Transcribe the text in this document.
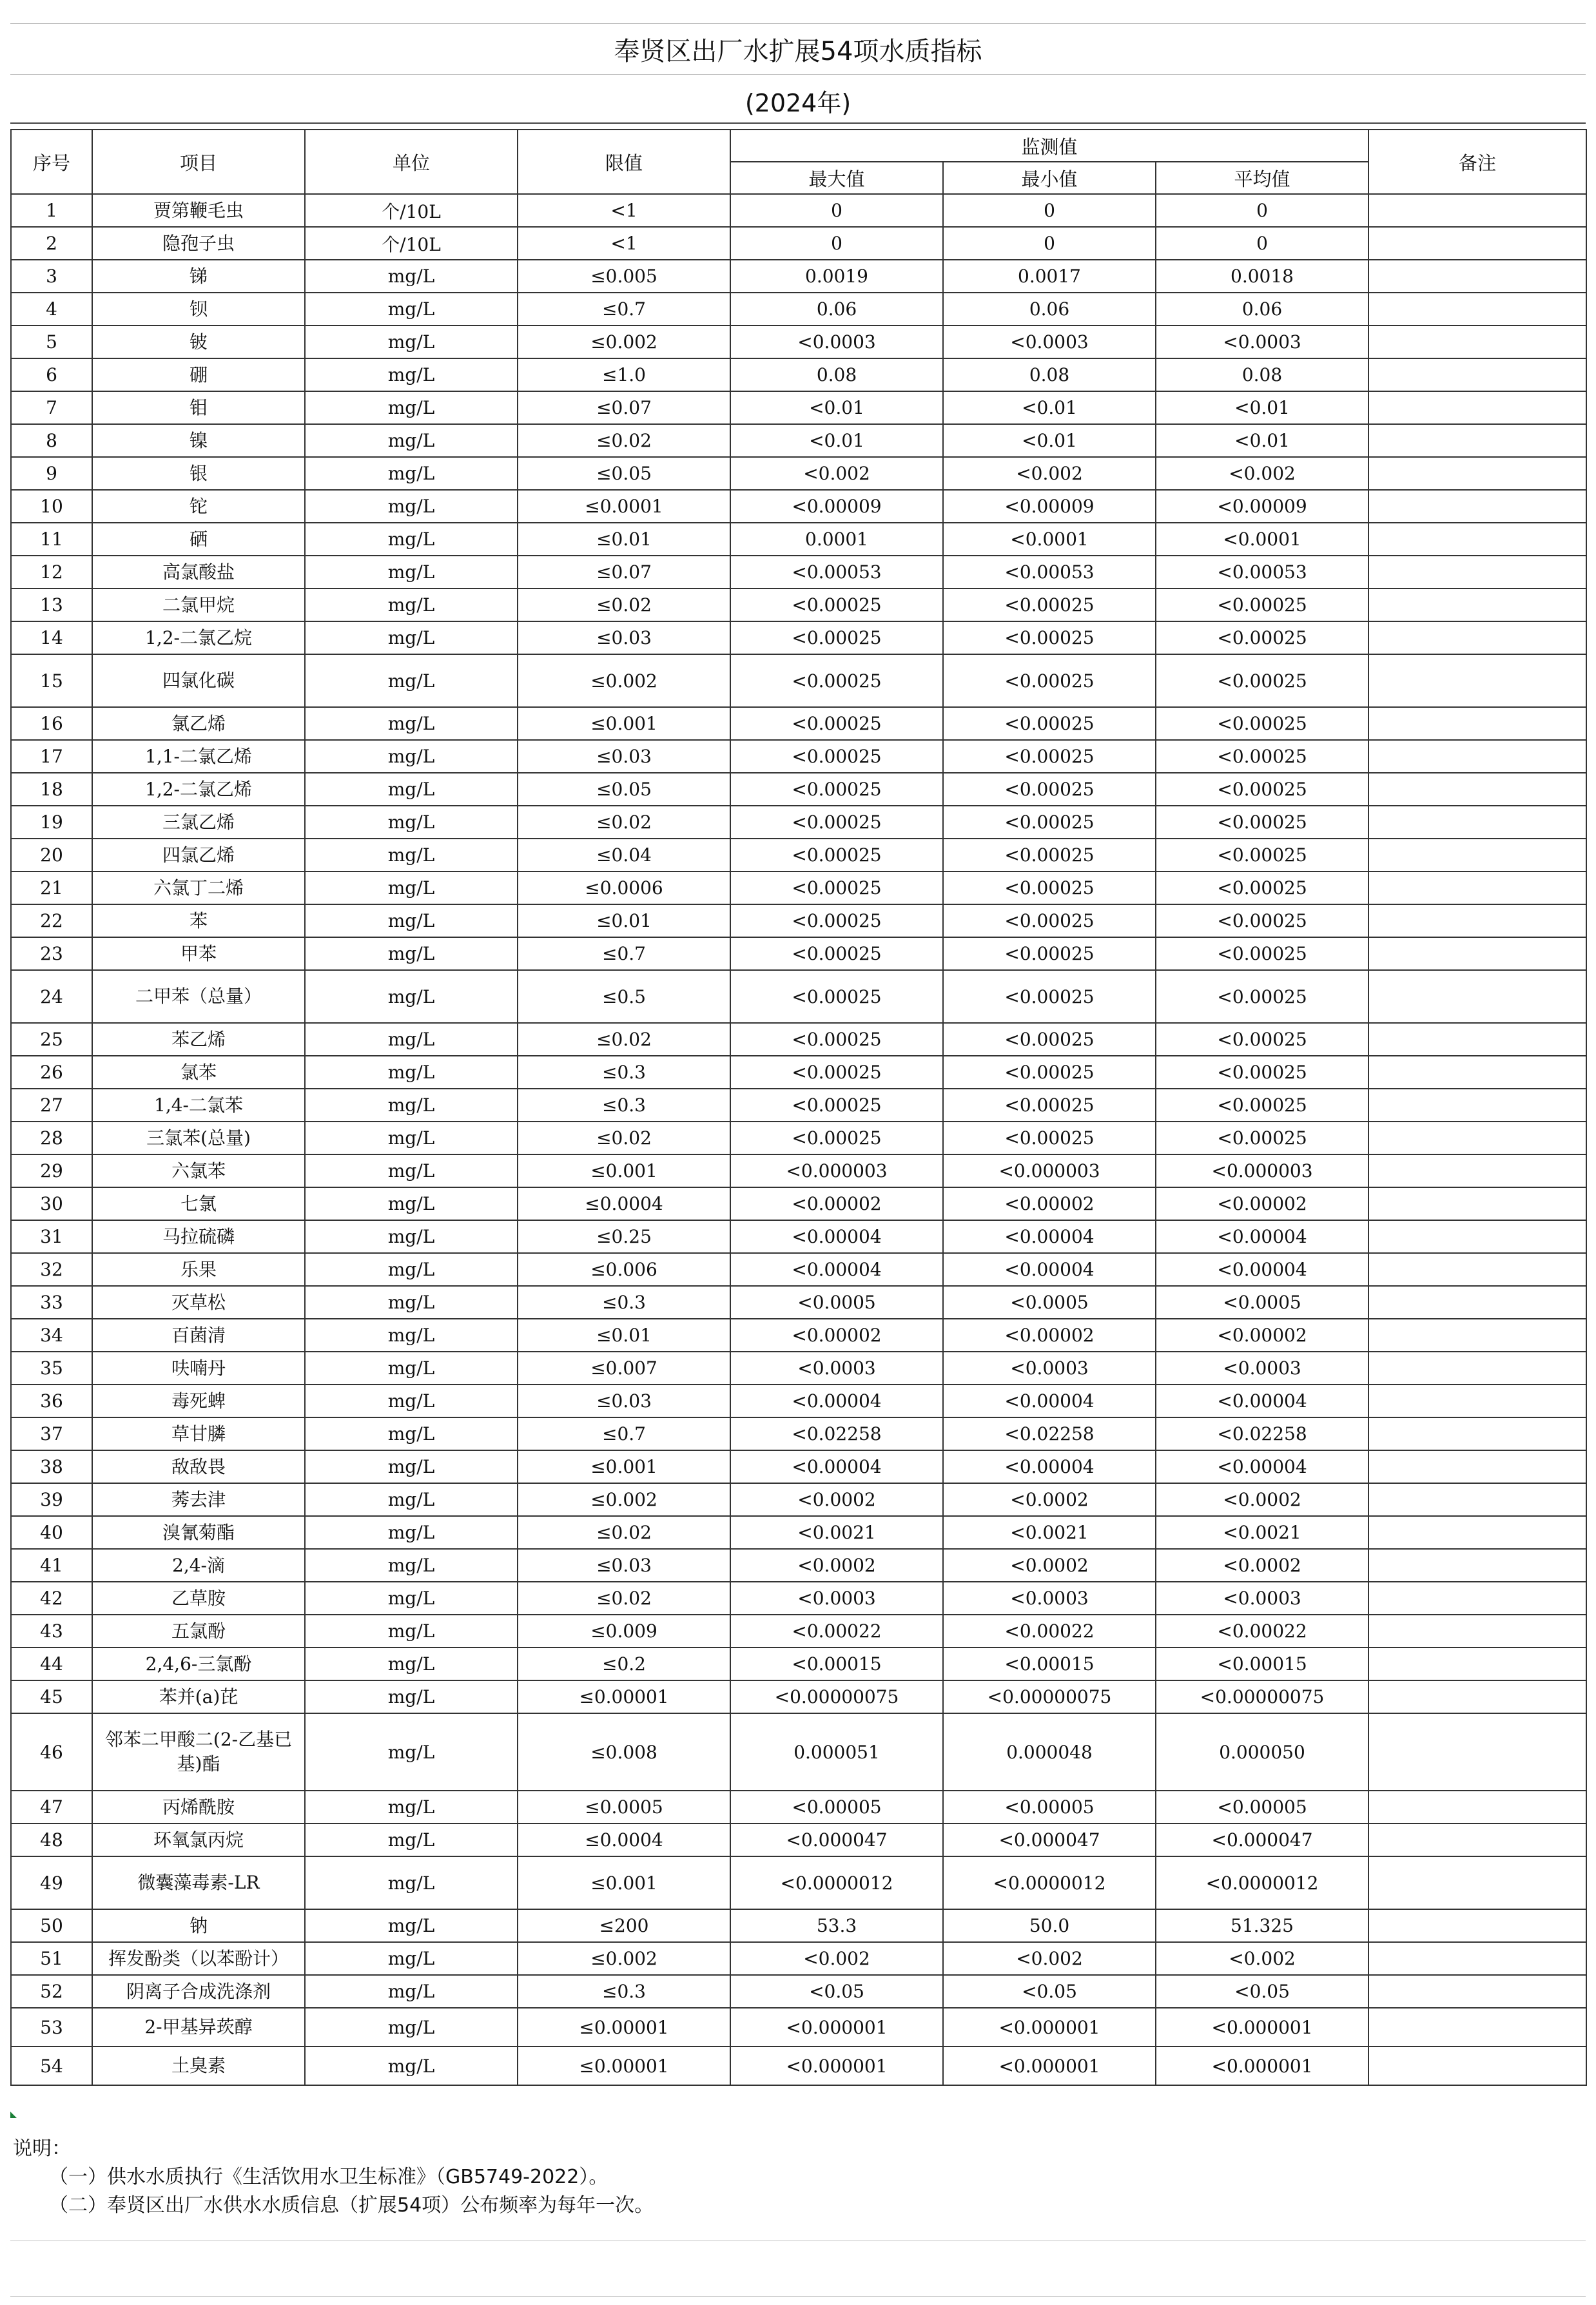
奉贤区出厂水扩展54项水质指标
(2024年)
序号	项目	单位	限值	监测值			备注
				最大值	最小值	平均值	
1	贾第鞭毛虫	个/10L	<1	0	0	0	
2	隐孢子虫	个/10L	<1	0	0	0	
3	锑	mg/L	≤0.005	0.0019	0.0017	0.0018	
4	钡	mg/L	≤0.7	0.06	0.06	0.06	
5	铍	mg/L	≤0.002	<0.0003	<0.0003	<0.0003	
6	硼	mg/L	≤1.0	0.08	0.08	0.08	
7	钼	mg/L	≤0.07	<0.01	<0.01	<0.01	
8	镍	mg/L	≤0.02	<0.01	<0.01	<0.01	
9	银	mg/L	≤0.05	<0.002	<0.002	<0.002	
10	铊	mg/L	≤0.0001	<0.00009	<0.00009	<0.00009	
11	硒	mg/L	≤0.01	0.0001	<0.0001	<0.0001	
12	高氯酸盐	mg/L	≤0.07	<0.00053	<0.00053	<0.00053	
13	二氯甲烷	mg/L	≤0.02	<0.00025	<0.00025	<0.00025	
14	1,2-二氯乙烷	mg/L	≤0.03	<0.00025	<0.00025	<0.00025	
15	四氯化碳	mg/L	≤0.002	<0.00025	<0.00025	<0.00025	
16	氯乙烯	mg/L	≤0.001	<0.00025	<0.00025	<0.00025	
17	1,1-二氯乙烯	mg/L	≤0.03	<0.00025	<0.00025	<0.00025	
18	1,2-二氯乙烯	mg/L	≤0.05	<0.00025	<0.00025	<0.00025	
19	三氯乙烯	mg/L	≤0.02	<0.00025	<0.00025	<0.00025	
20	四氯乙烯	mg/L	≤0.04	<0.00025	<0.00025	<0.00025	
21	六氯丁二烯	mg/L	≤0.0006	<0.00025	<0.00025	<0.00025	
22	苯	mg/L	≤0.01	<0.00025	<0.00025	<0.00025	
23	甲苯	mg/L	≤0.7	<0.00025	<0.00025	<0.00025	
24	二甲苯（总量）	mg/L	≤0.5	<0.00025	<0.00025	<0.00025	
25	苯乙烯	mg/L	≤0.02	<0.00025	<0.00025	<0.00025	
26	氯苯	mg/L	≤0.3	<0.00025	<0.00025	<0.00025	
27	1,4-二氯苯	mg/L	≤0.3	<0.00025	<0.00025	<0.00025	
28	三氯苯(总量)	mg/L	≤0.02	<0.00025	<0.00025	<0.00025	
29	六氯苯	mg/L	≤0.001	<0.000003	<0.000003	<0.000003	
30	七氯	mg/L	≤0.0004	<0.00002	<0.00002	<0.00002	
31	马拉硫磷	mg/L	≤0.25	<0.00004	<0.00004	<0.00004	
32	乐果	mg/L	≤0.006	<0.00004	<0.00004	<0.00004	
33	灭草松	mg/L	≤0.3	<0.0005	<0.0005	<0.0005	
34	百菌清	mg/L	≤0.01	<0.00002	<0.00002	<0.00002	
35	呋喃丹	mg/L	≤0.007	<0.0003	<0.0003	<0.0003	
36	毒死蜱	mg/L	≤0.03	<0.00004	<0.00004	<0.00004	
37	草甘膦	mg/L	≤0.7	<0.02258	<0.02258	<0.02258	
38	敌敌畏	mg/L	≤0.001	<0.00004	<0.00004	<0.00004	
39	莠去津	mg/L	≤0.002	<0.0002	<0.0002	<0.0002	
40	溴氰菊酯	mg/L	≤0.02	<0.0021	<0.0021	<0.0021	
41	2,4-滴	mg/L	≤0.03	<0.0002	<0.0002	<0.0002	
42	乙草胺	mg/L	≤0.02	<0.0003	<0.0003	<0.0003	
43	五氯酚	mg/L	≤0.009	<0.00022	<0.00022	<0.00022	
44	2,4,6-三氯酚	mg/L	≤0.2	<0.00015	<0.00015	<0.00015	
45	苯并(a)芘	mg/L	≤0.00001	<0.00000075	<0.00000075	<0.00000075	
46	邻苯二甲酸二(2-乙基已基)酯	mg/L	≤0.008	0.000051	0.000048	0.000050	
47	丙烯酰胺	mg/L	≤0.0005	<0.00005	<0.00005	<0.00005	
48	环氧氯丙烷	mg/L	≤0.0004	<0.000047	<0.000047	<0.000047	
49	微囊藻毒素-LR	mg/L	≤0.001	<0.0000012	<0.0000012	<0.0000012	
50	钠	mg/L	≤200	53.3	50.0	51.325	
51	挥发酚类（以苯酚计）	mg/L	≤0.002	<0.002	<0.002	<0.002	
52	阴离子合成洗涤剂	mg/L	≤0.3	<0.05	<0.05	<0.05	
53	2-甲基异莰醇	mg/L	≤0.00001	<0.000001	<0.000001	<0.000001	
54	土臭素	mg/L	≤0.00001	<0.000001	<0.000001	<0.000001	
说明：
（一）供水水质执行《生活饮用水卫生标准》（GB5749-2022）。
（二）奉贤区出厂水供水水质信息（扩展54项）公布频率为每年一次。
